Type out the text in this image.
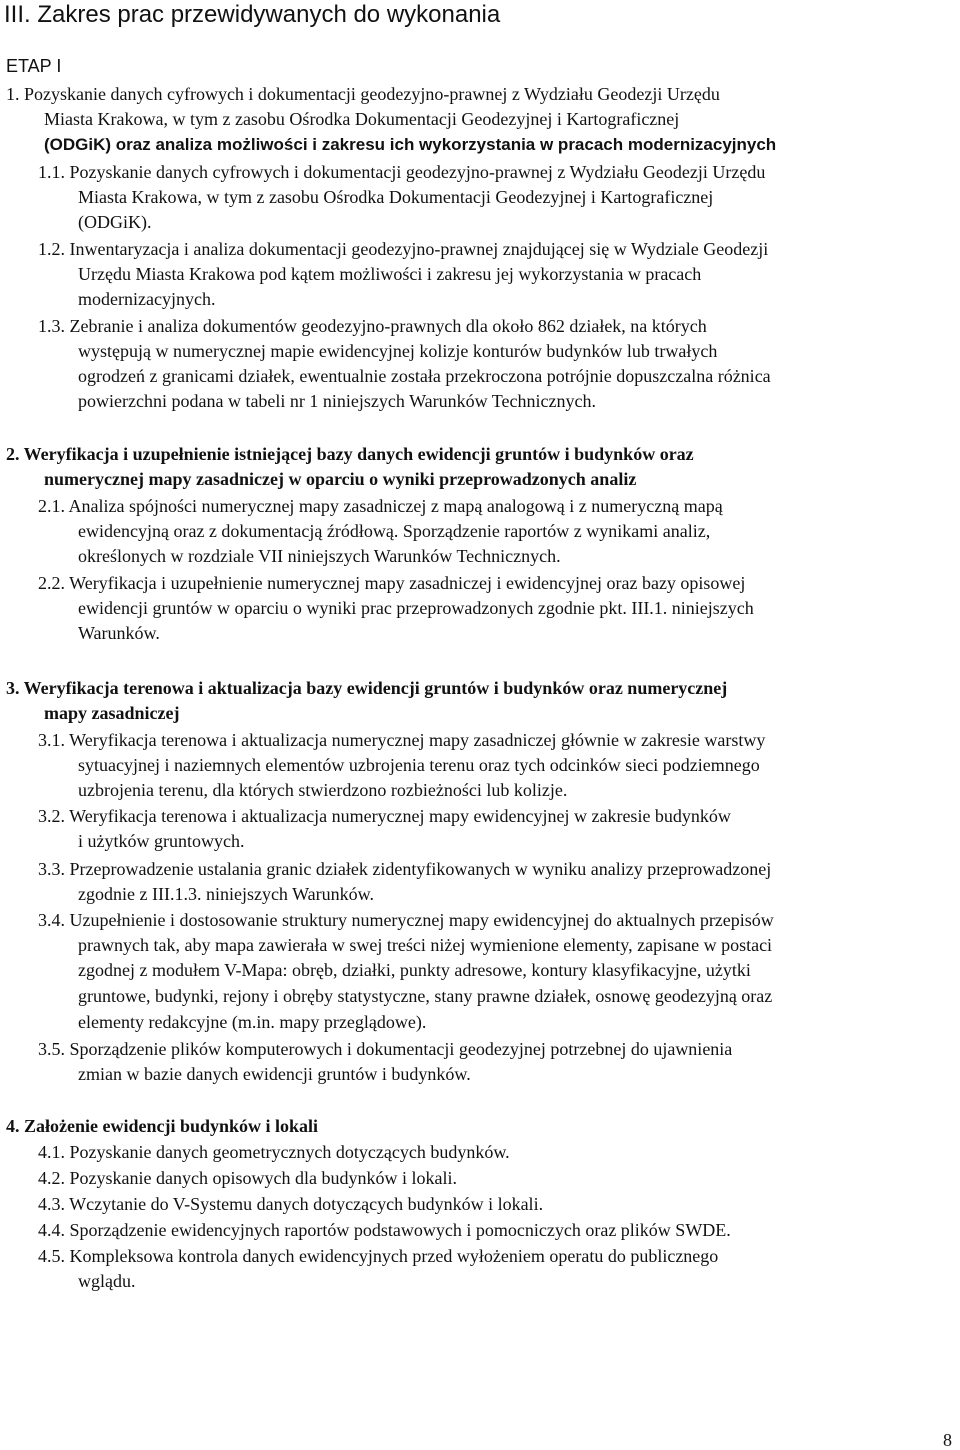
III. Zakres prac przewidywanych do wykonania
ETAP I
1. Pozyskanie danych cyfrowych i dokumentacji geodezyjno-prawnej z Wydziału Geodezji Urzędu
Miasta Krakowa, w tym z zasobu Ośrodka Dokumentacji Geodezyjnej i Kartograficznej
(ODGiK) oraz analiza możliwości i zakresu ich wykorzystania w pracach modernizacyjnych
1.1. Pozyskanie danych cyfrowych i dokumentacji geodezyjno-prawnej z Wydziału Geodezji Urzędu
Miasta Krakowa, w tym z zasobu Ośrodka Dokumentacji Geodezyjnej i Kartograficznej
(ODGiK).
1.2. Inwentaryzacja i analiza dokumentacji geodezyjno-prawnej znajdującej się w Wydziale Geodezji
Urzędu Miasta Krakowa pod kątem możliwości i zakresu jej wykorzystania w pracach
modernizacyjnych.
1.3. Zebranie i analiza dokumentów geodezyjno-prawnych dla około 862 działek, na których
występują w numerycznej mapie ewidencyjnej kolizje konturów budynków lub trwałych
ogrodzeń z granicami działek, ewentualnie została przekroczona potrójnie dopuszczalna różnica
powierzchni podana w tabeli nr 1 niniejszych Warunków Technicznych.
2. Weryfikacja i uzupełnienie istniejącej bazy danych ewidencji gruntów i budynków oraz
numerycznej mapy zasadniczej w oparciu o wyniki przeprowadzonych analiz
2.1. Analiza spójności numerycznej mapy zasadniczej z mapą analogową i z numeryczną mapą
ewidencyjną oraz z dokumentacją źródłową. Sporządzenie raportów z wynikami analiz,
określonych w rozdziale VII niniejszych Warunków Technicznych.
2.2. Weryfikacja i uzupełnienie numerycznej mapy zasadniczej i ewidencyjnej oraz bazy opisowej
ewidencji gruntów w oparciu o wyniki prac przeprowadzonych zgodnie pkt. III.1. niniejszych
Warunków.
3. Weryfikacja terenowa i aktualizacja bazy ewidencji gruntów i budynków oraz numerycznej
mapy zasadniczej
3.1. Weryfikacja terenowa i aktualizacja numerycznej mapy zasadniczej głównie w zakresie warstwy
sytuacyjnej i naziemnych elementów uzbrojenia terenu oraz tych odcinków sieci podziemnego
uzbrojenia terenu, dla których stwierdzono rozbieżności lub kolizje.
3.2. Weryfikacja terenowa i aktualizacja numerycznej mapy ewidencyjnej w zakresie budynków
i użytków gruntowych.
3.3. Przeprowadzenie ustalania granic działek zidentyfikowanych w wyniku analizy przeprowadzonej
zgodnie z III.1.3. niniejszych Warunków.
3.4. Uzupełnienie i dostosowanie struktury numerycznej mapy ewidencyjnej do aktualnych przepisów
prawnych tak, aby mapa zawierała w swej treści niżej wymienione elementy, zapisane w postaci
zgodnej z modułem V-Mapa: obręb, działki, punkty adresowe, kontury klasyfikacyjne, użytki
gruntowe, budynki, rejony i obręby statystyczne, stany prawne działek, osnowę geodezyjną oraz
elementy redakcyjne (m.in. mapy przeglądowe).
3.5. Sporządzenie plików komputerowych i dokumentacji geodezyjnej potrzebnej do ujawnienia
zmian w bazie danych ewidencji gruntów i budynków.
4. Założenie ewidencji budynków i lokali
4.1. Pozyskanie danych geometrycznych dotyczących budynków.
4.2. Pozyskanie danych opisowych dla budynków i lokali.
4.3. Wczytanie do V-Systemu danych dotyczących budynków i lokali.
4.4. Sporządzenie ewidencyjnych raportów podstawowych i pomocniczych oraz plików SWDE.
4.5. Kompleksowa kontrola danych ewidencyjnych przed wyłożeniem operatu do publicznego
wglądu.
8
